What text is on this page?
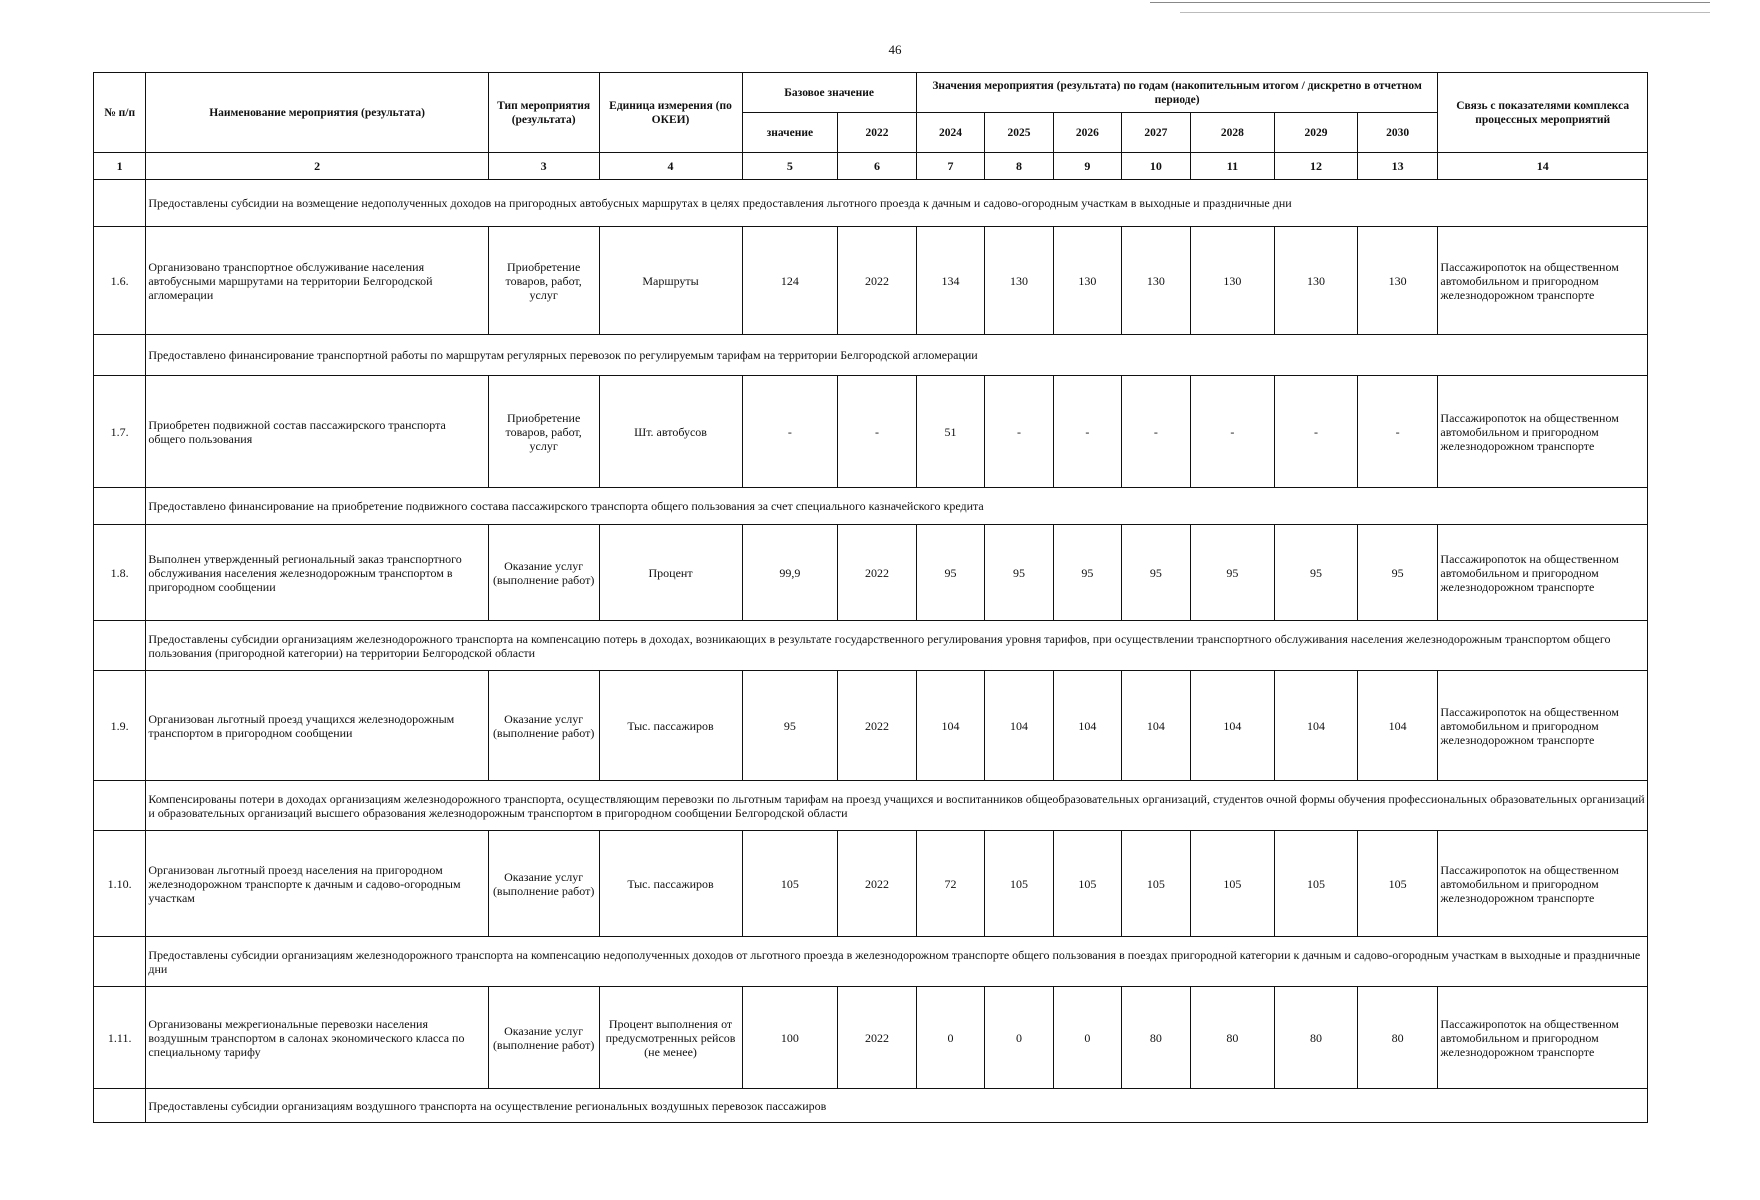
46
№ п/п	Наименование мероприятия (результата)	Тип мероприятия (результата)	Единица измерения (по ОКЕИ)	Базовое значение		Значения мероприятия (результата) по годам (накопительным итогом / дискретно в отчетном периоде)							Связь с показателями комплекса процессных мероприятий
				значение	2022	2024	2025	2026	2027	2028	2029	2030	
1	2	3	4	5	6	7	8	9	10	11	12	13	14
	Предоставлены субсидии на возмещение недополученных доходов на пригородных автобусных маршрутах в целях предоставления льготного проезда к дачным и садово-огородным участкам в выходные и праздничные дни												
1.6.	Организовано транспортное обслуживание населения автобусными маршрутами на территории Белгородской агломерации	Приобретение товаров, работ, услуг	Маршруты	124	2022	134	130	130	130	130	130	130	Пассажиропоток на общественном автомобильном и пригородном железнодорожном транспорте
	Предоставлено финансирование транспортной работы по маршрутам регулярных перевозок по регулируемым тарифам на территории Белгородской агломерации												
1.7.	Приобретен подвижной состав пассажирского транспорта общего пользования	Приобретение товаров, работ, услуг	Шт. автобусов	-	-	51	-	-	-	-	-	-	Пассажиропоток на общественном автомобильном и пригородном железнодорожном транспорте
	Предоставлено финансирование на приобретение подвижного состава пассажирского транспорта общего пользования за счет специального казначейского кредита												
1.8.	Выполнен утвержденный региональный заказ транспортного обслуживания населения железнодорожным транспортом в пригородном сообщении	Оказание услуг (выполнение работ)	Процент	99,9	2022	95	95	95	95	95	95	95	Пассажиропоток на общественном автомобильном и пригородном железнодорожном транспорте
	Предоставлены субсидии организациям железнодорожного транспорта на компенсацию потерь в доходах, возникающих в результате государственного регулирования уровня тарифов, при осуществлении транспортного обслуживания населения железнодорожным транспортом общего пользования (пригородной категории) на территории Белгородской области												
1.9.	Организован льготный проезд учащихся железнодорожным транспортом в пригородном сообщении	Оказание услуг (выполнение работ)	Тыс. пассажиров	95	2022	104	104	104	104	104	104	104	Пассажиропоток на общественном автомобильном и пригородном железнодорожном транспорте
	Компенсированы потери в доходах организациям железнодорожного транспорта, осуществляющим перевозки по льготным тарифам на проезд учащихся и воспитанников общеобразовательных организаций, студентов очной формы обучения профессиональных образовательных организаций и образовательных организаций высшего образования железнодорожным транспортом в пригородном сообщении Белгородской области												
1.10.	Организован льготный проезд населения на пригородном железнодорожном транспорте к дачным и садово-огородным участкам	Оказание услуг (выполнение работ)	Тыс. пассажиров	105	2022	72	105	105	105	105	105	105	Пассажиропоток на общественном автомобильном и пригородном железнодорожном транспорте
	Предоставлены субсидии организациям железнодорожного транспорта на компенсацию недополученных доходов от льготного проезда в железнодорожном транспорте общего пользования в поездах пригородной категории к дачным и садово-огородным участкам в выходные и праздничные дни												
1.11.	Организованы межрегиональные перевозки населения воздушным транспортом в салонах экономического класса по специальному тарифу	Оказание услуг (выполнение работ)	Процент выполнения от предусмотренных рейсов (не менее)	100	2022	0	0	0	80	80	80	80	Пассажиропоток на общественном автомобильном и пригородном железнодорожном транспорте
	Предоставлены субсидии организациям воздушного транспорта на осуществление региональных воздушных перевозок пассажиров												
